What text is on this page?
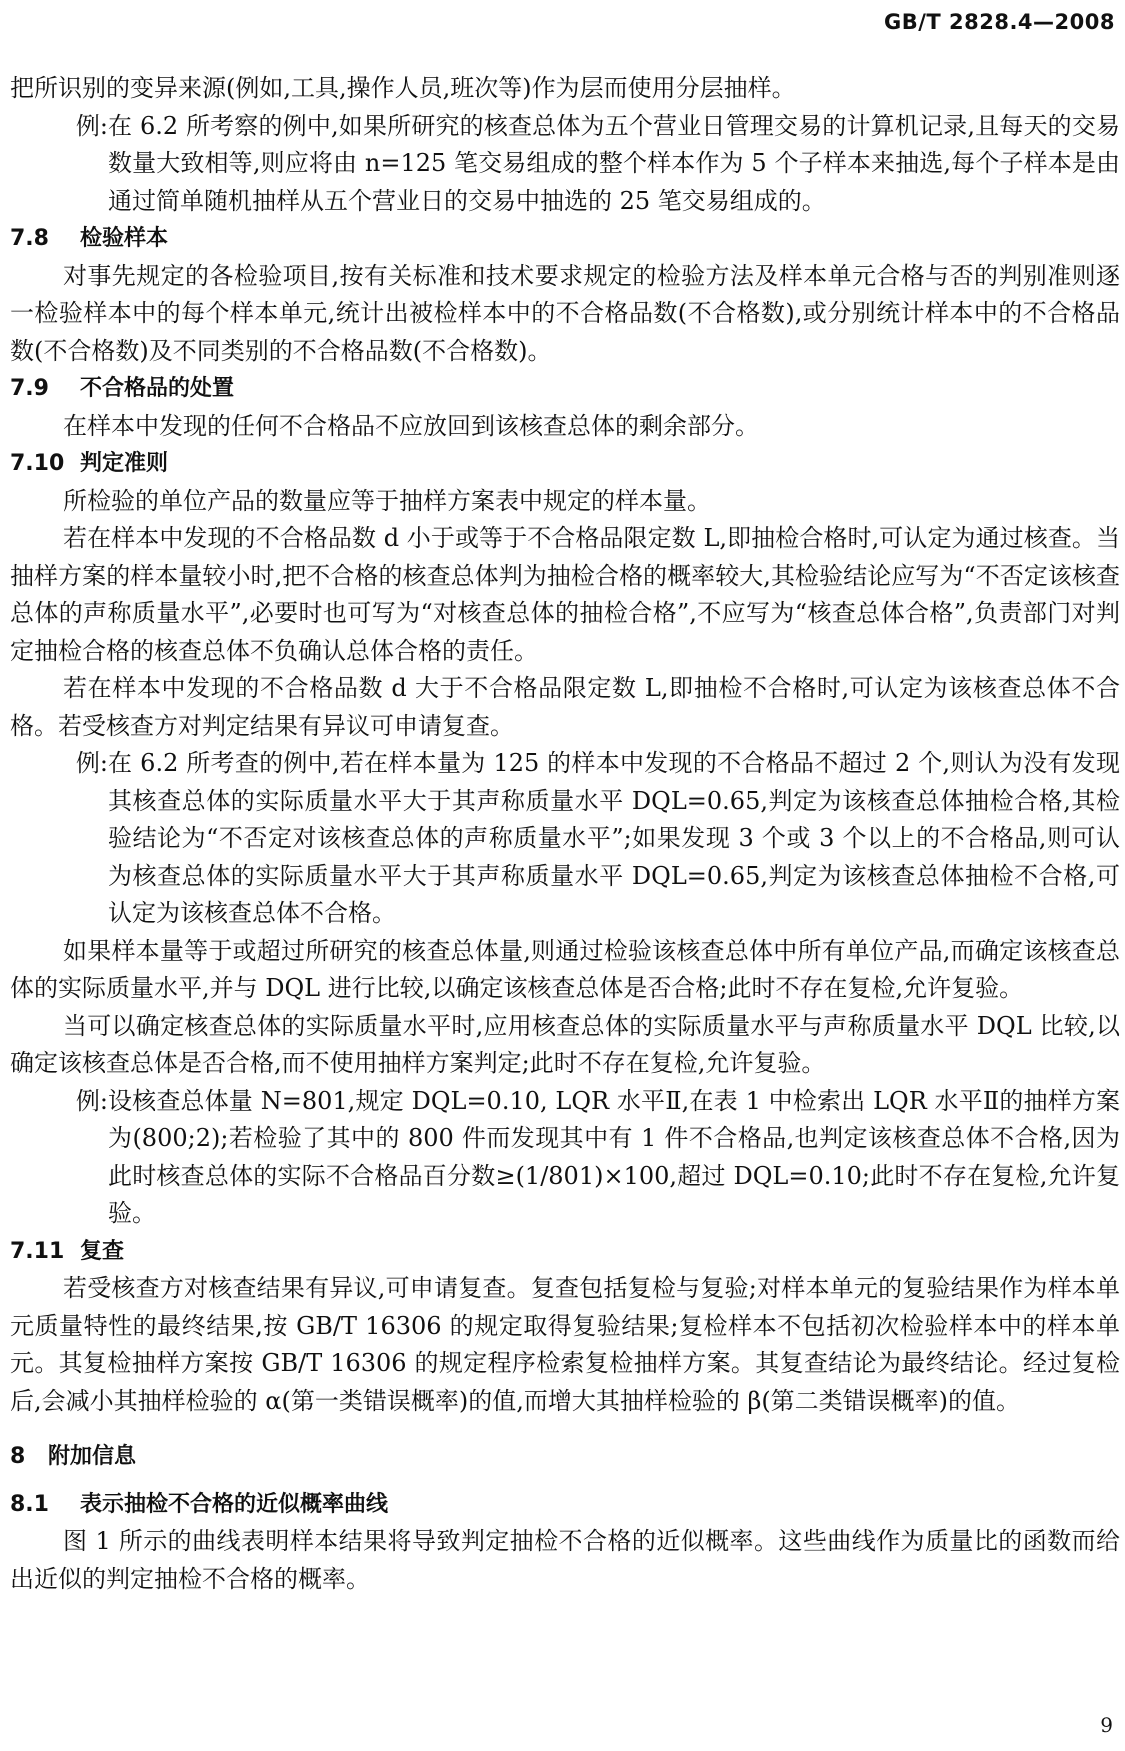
GB/T 2828.4—2008

把所识别的变异来源(例如,工具,操作人员,班次等)作为层而使用分层抽样。

例: 在 6.2 所考察的例中,如果所研究的核查总体为五个营业日管理交易的计算机记录,且每天的交易数量大致相等,则应将由 n=125 笔交易组成的整个样本作为 5 个子样本来抽选,每个子样本是由通过简单随机抽样从五个营业日的交易中抽选的 25 笔交易组成的。
7.8 检验样本

对事先规定的各检验项目,按有关标准和技术要求规定的检验方法及样本单元合格与否的判别准则逐一检验样本中的每个样本单元,统计出被检样本中的不合格品数(不合格数),或分别统计样本中的不合格品数(不合格数)及不同类别的不合格品数(不合格数)。

7.9 不合格品的处置

在样本中发现的任何不合格品不应放回到该核查总体的剩余部分。

7.10 判定准则

所检验的单位产品的数量应等于抽样方案表中规定的样本量。

若在样本中发现的不合格品数 d 小于或等于不合格品限定数 L,即抽检合格时,可认定为通过核查。当抽样方案的样本量较小时,把不合格的核查总体判为抽检合格的概率较大,其检验结论应写为“不否定该核查总体的声称质量水平”,必要时也可写为“对核查总体的抽检合格”,不应写为“核查总体合格”,负责部门对判定抽检合格的核查总体不负确认总体合格的责任。

若在样本中发现的不合格品数 d 大于不合格品限定数 L,即抽检不合格时,可认定为该核查总体不合格。若受核查方对判定结果有异议可申请复查。

例: 在 6.2 所考查的例中,若在样本量为 125 的样本中发现的不合格品不超过 2 个,则认为没有发现其核查总体的实际质量水平大于其声称质量水平 DQL=0.65,判定为该核查总体抽检合格,其检验结论为“不否定对该核查总体的声称质量水平”;如果发现 3 个或 3 个以上的不合格品,则可认为核查总体的实际质量水平大于其声称质量水平 DQL=0.65,判定为该核查总体抽检不合格,可认定为该核查总体不合格。

如果样本量等于或超过所研究的核查总体量,则通过检验该核查总体中所有单位产品,而确定该核查总体的实际质量水平,并与 DQL 进行比较,以确定该核查总体是否合格;此时不存在复检,允许复验。

当可以确定核查总体的实际质量水平时,应用核查总体的实际质量水平与声称质量水平 DQL 比较,以确定该核查总体是否合格,而不使用抽样方案判定;此时不存在复检,允许复验。

例: 设核查总体量 N=801,规定 DQL=0.10, LQR 水平Ⅱ,在表 1 中检索出 LQR 水平Ⅱ的抽样方案为(800;2);若检验了其中的 800 件而发现其中有 1 件不合格品,也判定该核查总体不合格,因为此时核查总体的实际不合格品百分数≥(1/801)×100,超过 DQL=0.10;此时不存在复检,允许复验。
7.11 复查

若受核查方对核查结果有异议,可申请复查。复查包括复检与复验;对样本单元的复验结果作为样本单元质量特性的最终结果,按 GB/T 16306 的规定取得复验结果;复检样本不包括初次检验样本中的样本单元。其复检抽样方案按 GB/T 16306 的规定程序检索复检抽样方案。其复查结论为最终结论。经过复检后,会减小其抽样检验的 α(第一类错误概率)的值,而增大其抽样检验的 β(第二类错误概率)的值。

8 附加信息
8.1 表示抽检不合格的近似概率曲线

图 1 所示的曲线表明样本结果将导致判定抽检不合格的近似概率。这些曲线作为质量比的函数而给出近似的判定抽检不合格的概率。

9
